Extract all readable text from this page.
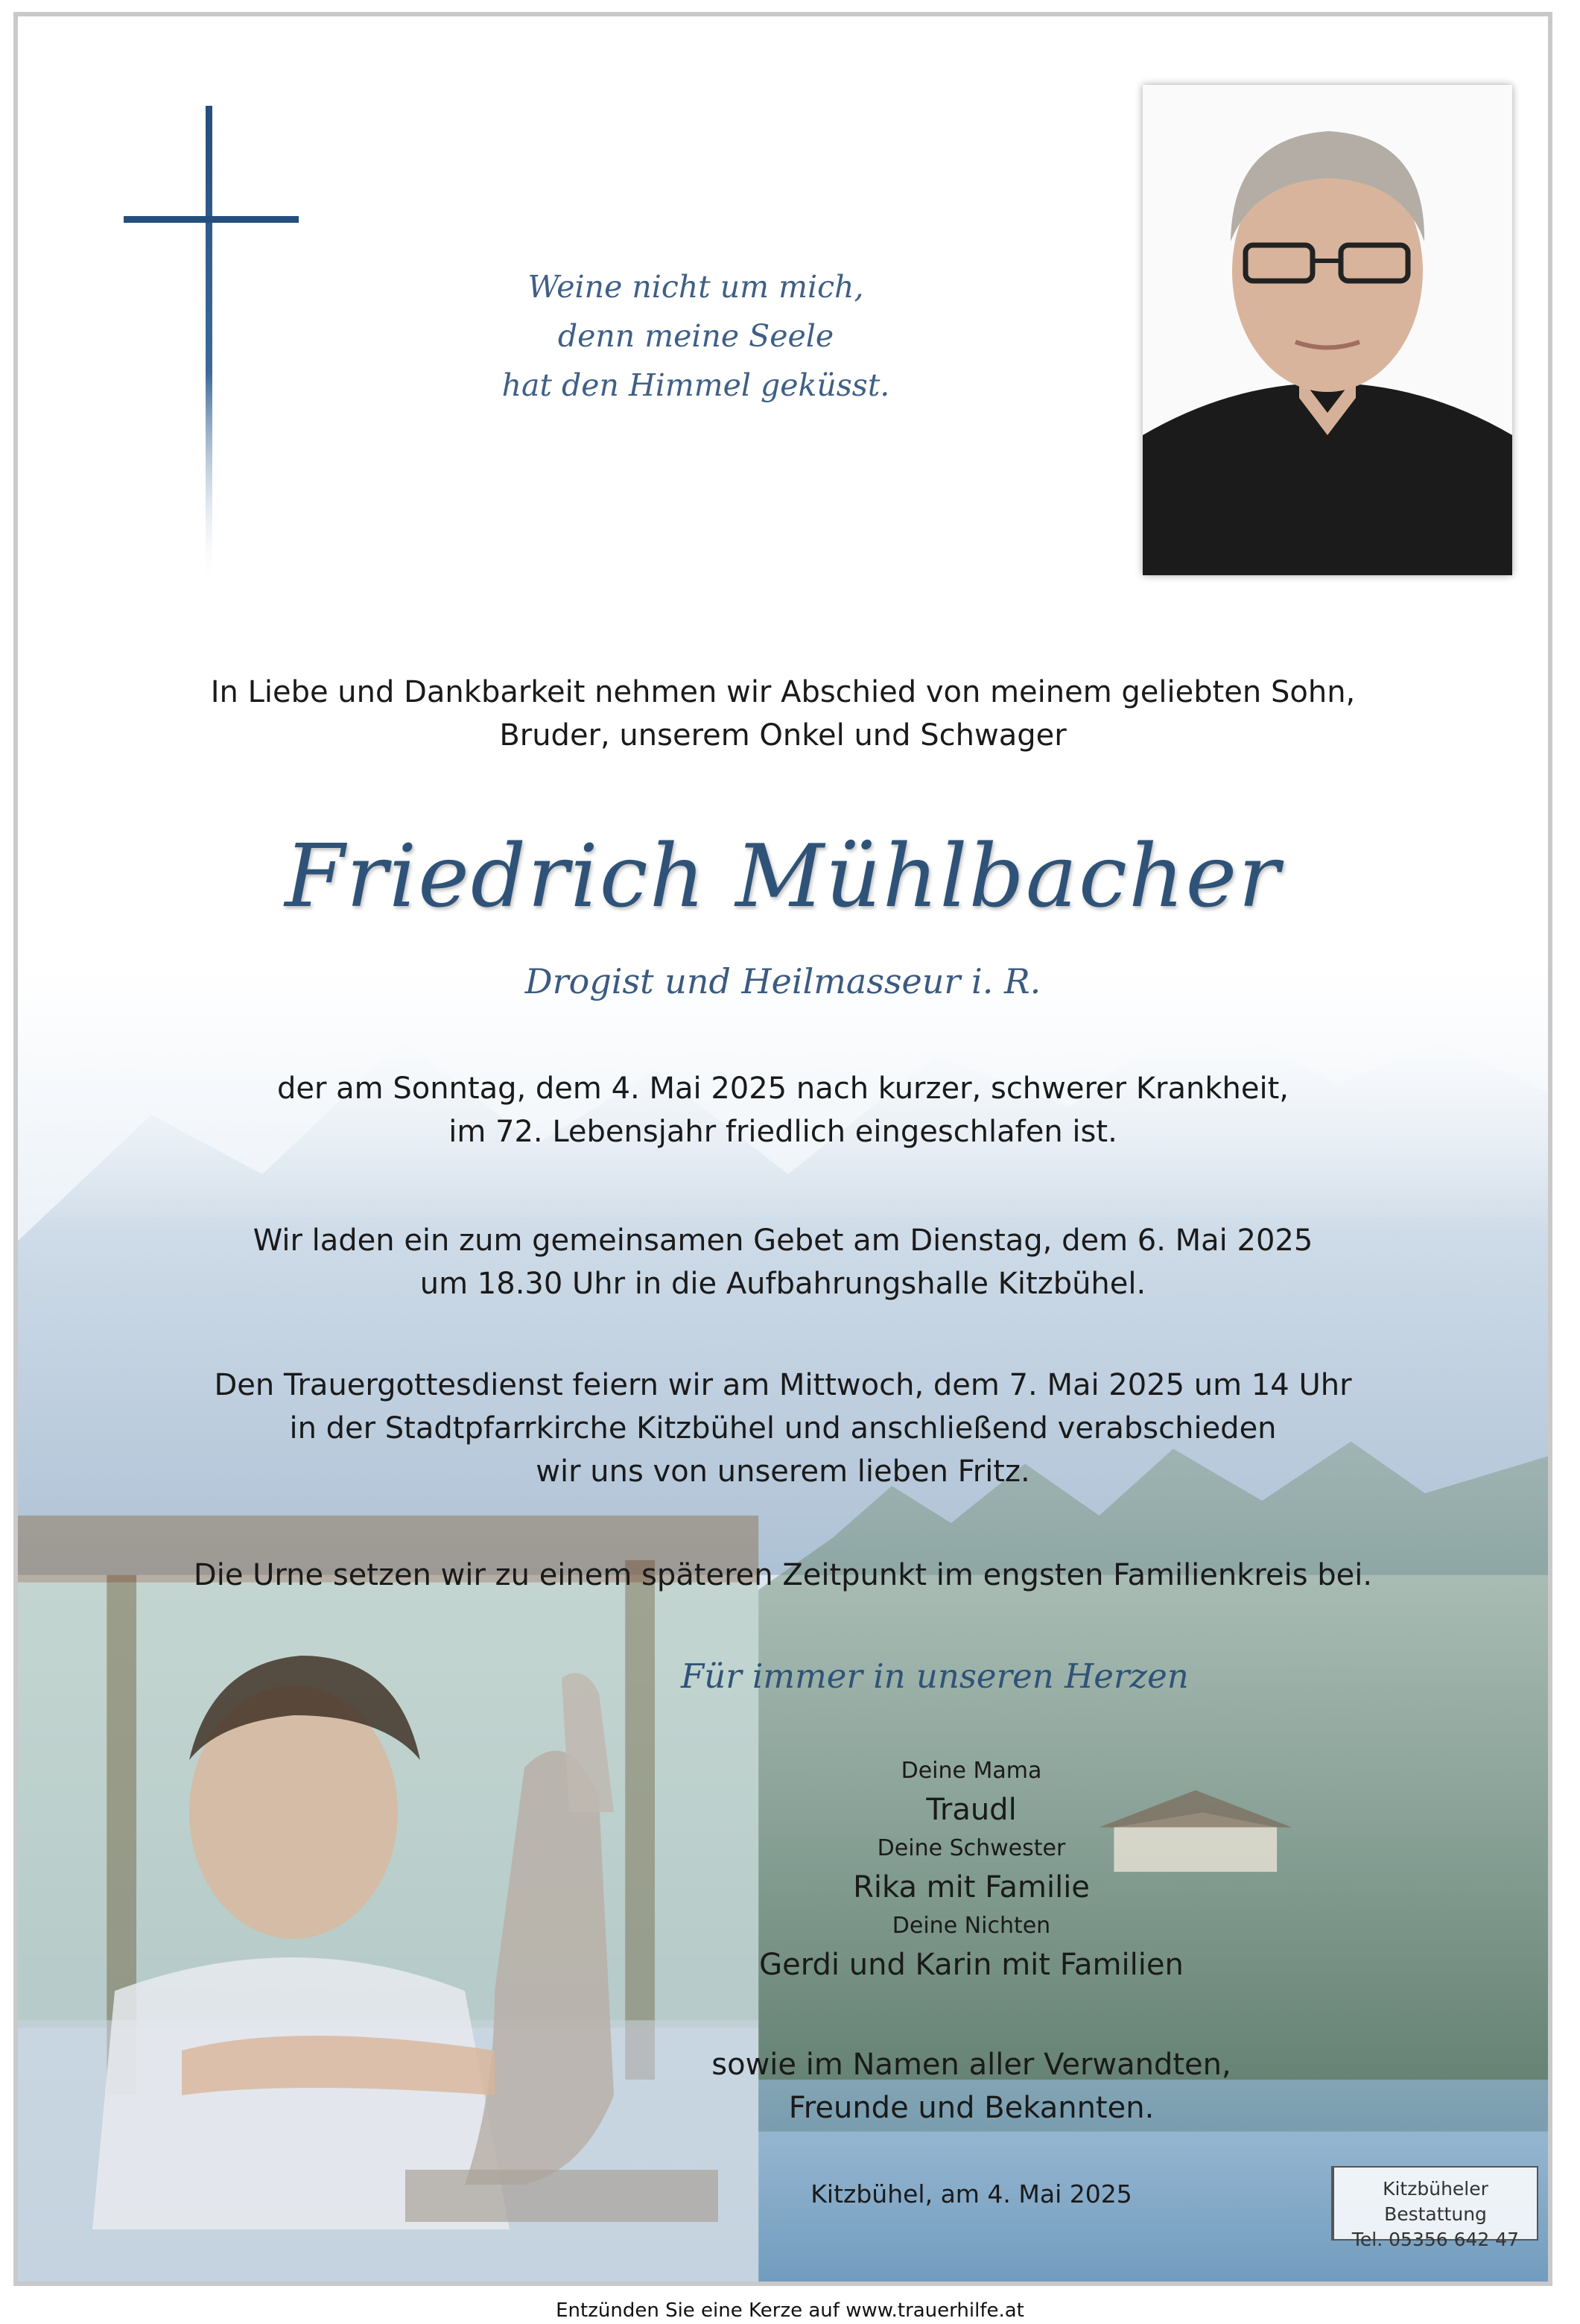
Weine nicht um mich,
denn meine Seele
hat den Himmel geküsst.
In Liebe und Dankbarkeit nehmen wir Abschied von meinem geliebten Sohn,
Bruder, unserem Onkel und Schwager
Friedrich Mühlbacher
Drogist und Heilmasseur i. R.
der am Sonntag, dem 4. Mai 2025 nach kurzer, schwerer Krankheit,
im 72. Lebensjahr friedlich eingeschlafen ist.
Wir laden ein zum gemeinsamen Gebet am Dienstag, dem 6. Mai 2025
um 18.30 Uhr in die Aufbahrungshalle Kitzbühel.
Den Trauergottesdienst feiern wir am Mittwoch, dem 7. Mai 2025 um 14 Uhr
in der Stadtpfarrkirche Kitzbühel und anschließend verabschieden
wir uns von unserem lieben Fritz.
Die Urne setzen wir zu einem späteren Zeitpunkt im engsten Familienkreis bei.
Für immer in unseren Herzen
Deine Mama
Traudl
Deine Schwester
Rika mit Familie
Deine Nichten
Gerdi und Karin mit Familien
sowie im Namen aller Verwandten,
Freunde und Bekannten.
Kitzbühel, am 4. Mai 2025	Kitzbüheler Bestattung
Tel. 05356 642 47
Entzünden Sie eine Kerze auf www.trauerhilfe.at
